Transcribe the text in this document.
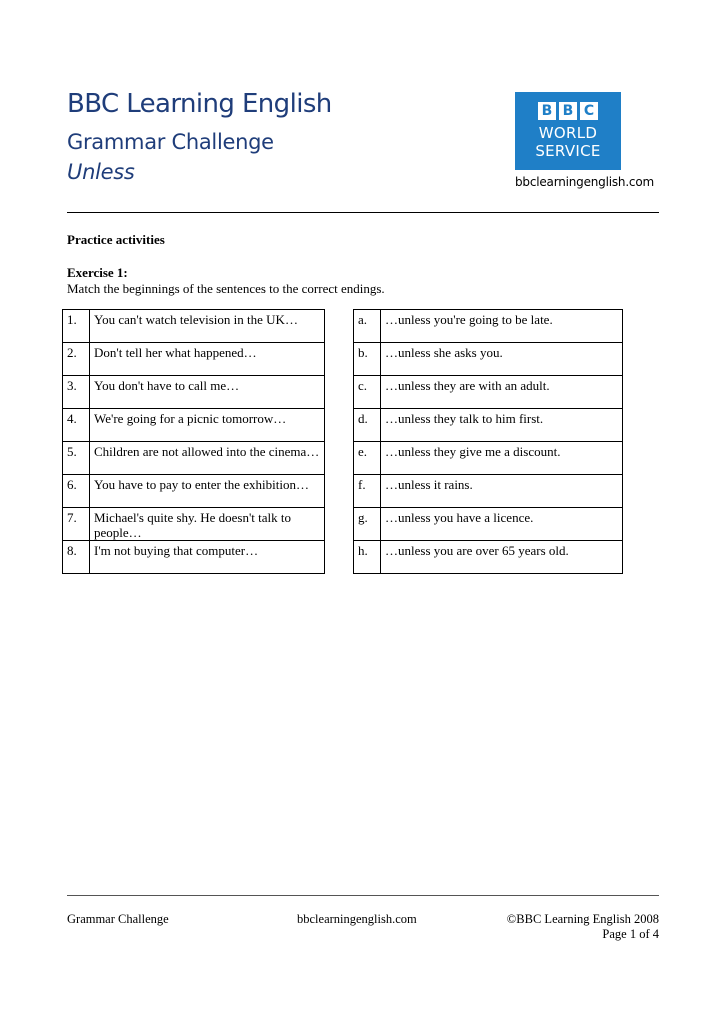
BBC Learning English
Grammar Challenge
Unless
B B C
WORLD
SERVICE
bbclearningenglish.com
Practice activities
Exercise 1:
Match the beginnings of the sentences to the correct endings.
1.	You can't watch television in the UK…
2.	Don't tell her what happened…
3.	You don't have to call me…
4.	We're going for a picnic tomorrow…
5.	Children are not allowed into the cinema…
6.	You have to pay to enter the exhibition…
7.	Michael's quite shy. He doesn't talk to people…
8.	I'm not buying that computer…
a.	…unless you're going to be late.
b.	…unless she asks you.
c.	…unless they are with an adult.
d.	…unless they talk to him first.
e.	…unless they give me a discount.
f.	…unless it rains.
g.	…unless you have a licence.
h.	…unless you are over 65 years old.
Grammar Challenge	bbclearningenglish.com	©BBC Learning English 2008
Page 1 of 4
